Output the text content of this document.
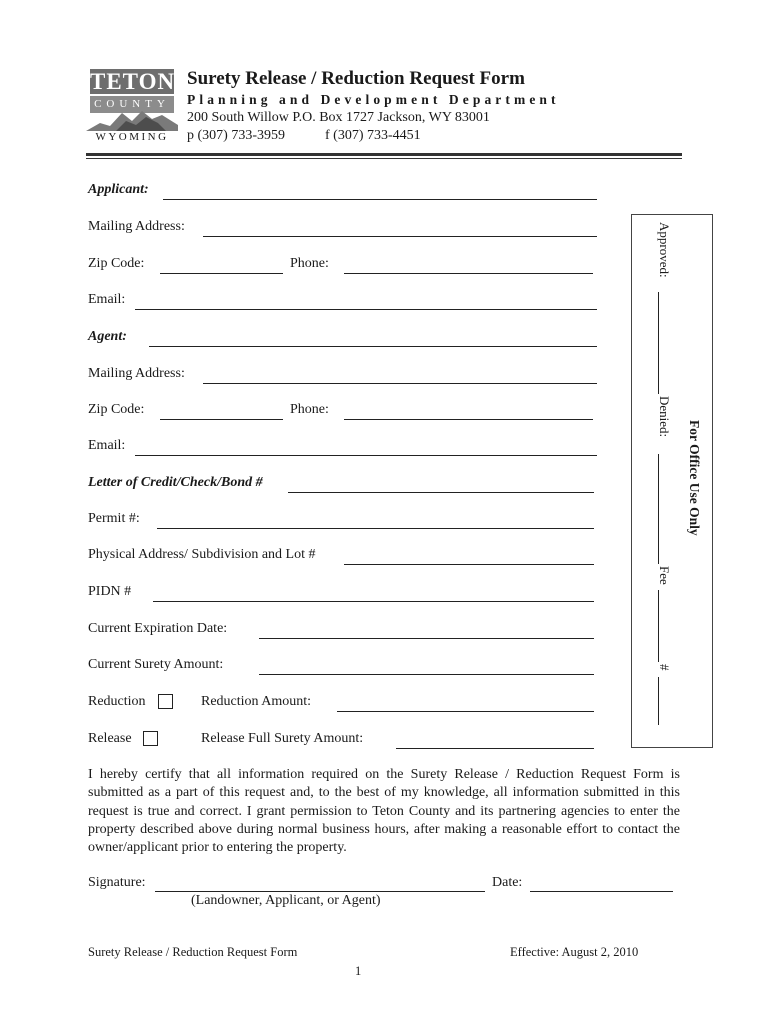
TETON
COUNTY
WYOMING
Surety Release / Reduction Request Form
Planning and Development Department
200 South Willow P.O. Box 1727 Jackson, WY 83001
p (307) 733-3959	f (307) 733-4451
Applicant:
Mailing Address:
Zip Code:	Phone:
Email:
Agent:
Mailing Address:
Zip Code:	Phone:
Email:
Letter of Credit/Check/Bond #
Permit #:
Physical Address/ Subdivision and Lot #
PIDN #
Current Expiration Date:
Current Surety Amount:
Reduction	Reduction Amount:
Release	Release Full Surety Amount:
Approved:
Denied:
Fee
#
For Office Use Only
I hereby certify that all information required on the Surety Release / Reduction Request Form is submitted as a part of this request and, to the best of my knowledge, all information submitted in this request is true and correct. I grant permission to Teton County and its partnering agencies to enter the property described above during normal business hours, after making a reasonable effort to contact the owner/applicant prior to entering the property.
Signature:	Date:
(Landowner, Applicant, or Agent)
Surety Release / Reduction Request Form	Effective: August 2, 2010
1
